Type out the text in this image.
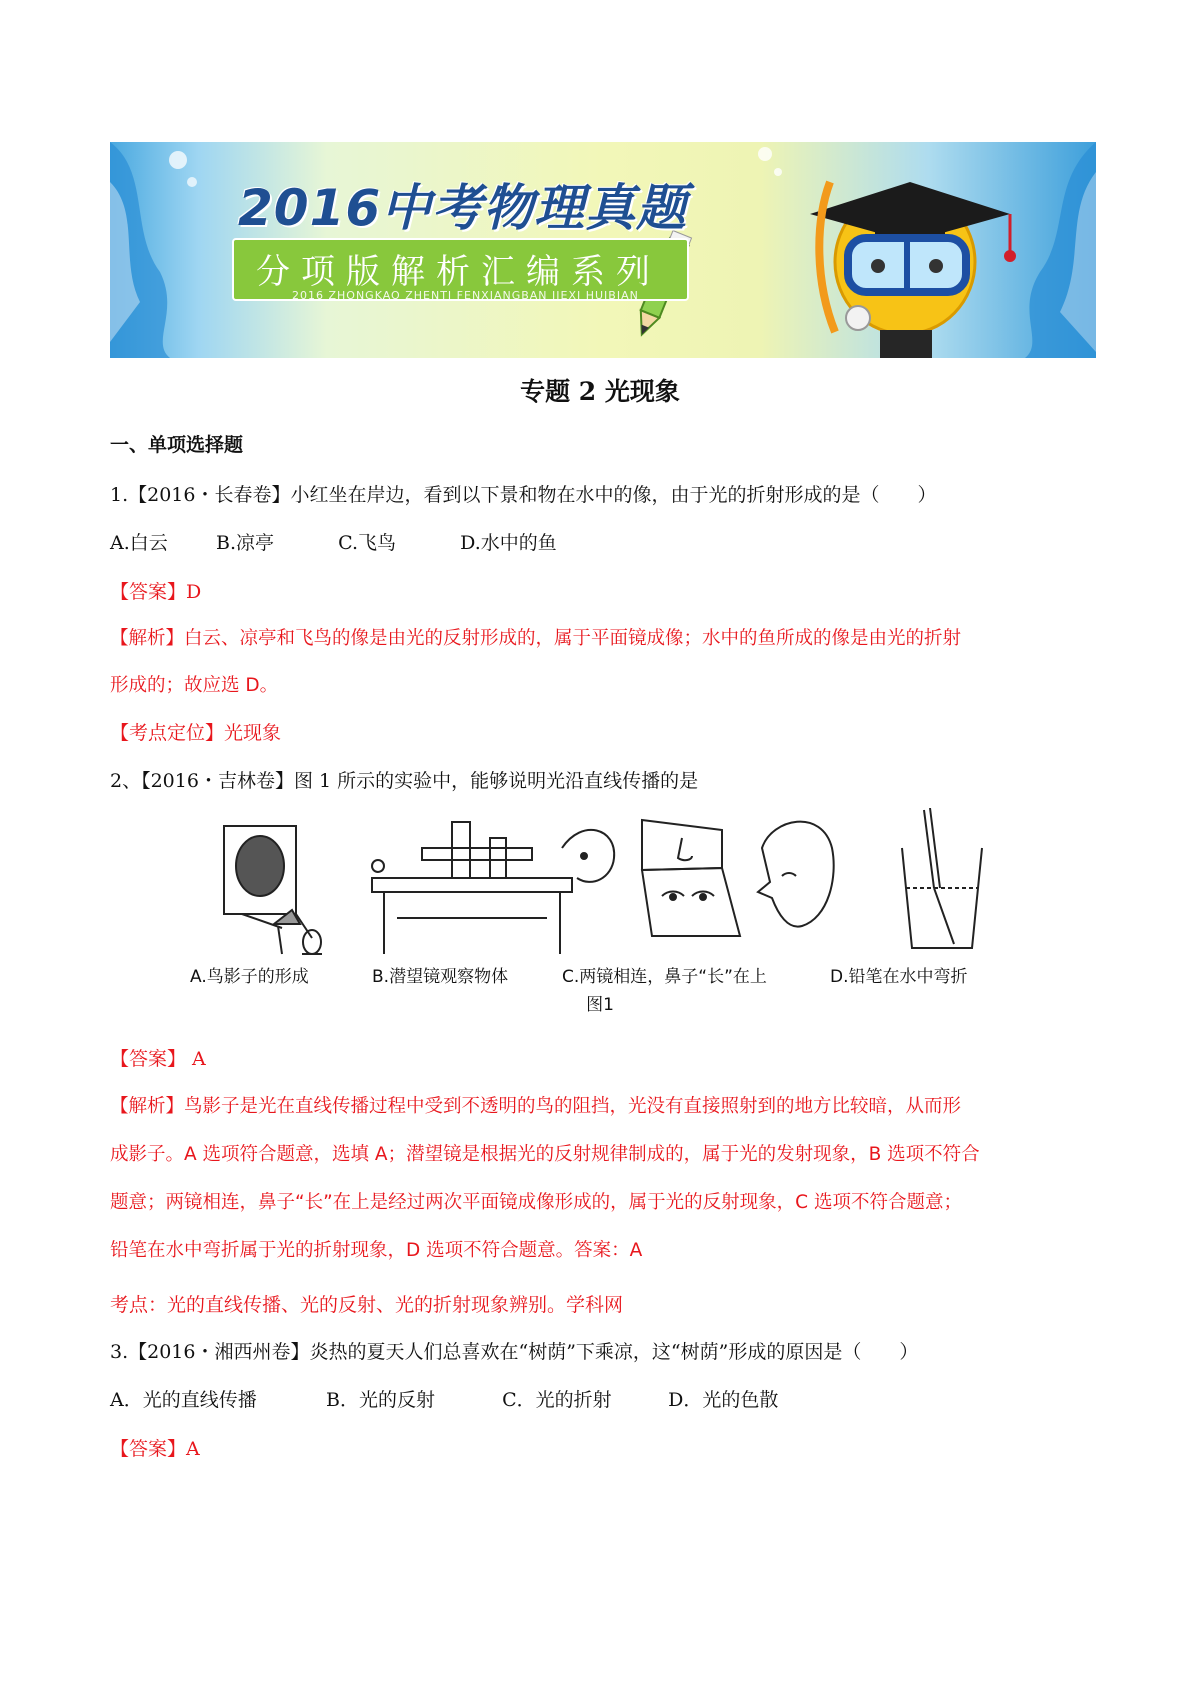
2016中考物理真题
分项版解析汇编系列
2016 ZHONGKAO ZHENTI FENXIANGBAN JIEXI HUIBIAN
专题 2 光现象
一、单项选择题
1.【2016・长春卷】小红坐在岸边，看到以下景和物在水中的像，由于光的折射形成的是（　　）
A.白云	B.凉亭	C.飞鸟	D.水中的鱼
【答案】D
【解析】白云、凉亭和飞鸟的像是由光的反射形成的，属于平面镜成像；水中的鱼所成的像是由光的折射
形成的；故应选 D。
【考点定位】光现象
2、【2016・吉林卷】图 1 所示的实验中，能够说明光沿直线传播的是
A.鸟影子的形成	B.潜望镜观察物体	C.两镜相连，鼻子“长”在上	D.铅笔在水中弯折
图1
【答案】 A
【解析】鸟影子是光在直线传播过程中受到不透明的鸟的阻挡，光没有直接照射到的地方比较暗，从而形
成影子。A 选项符合题意，选填 A；潜望镜是根据光的反射规律制成的，属于光的发射现象，B 选项不符合
题意；两镜相连，鼻子“长”在上是经过两次平面镜成像形成的，属于光的反射现象，C 选项不符合题意；
铅笔在水中弯折属于光的折射现象，D 选项不符合题意。答案：A
考点：光的直线传播、光的反射、光的折射现象辨别。学科网
3.【2016・湘西州卷】炎热的夏天人们总喜欢在“树荫”下乘凉，这“树荫”形成的原因是（　　）
A．光的直线传播	B．光的反射	C．光的折射	D．光的色散
【答案】A
